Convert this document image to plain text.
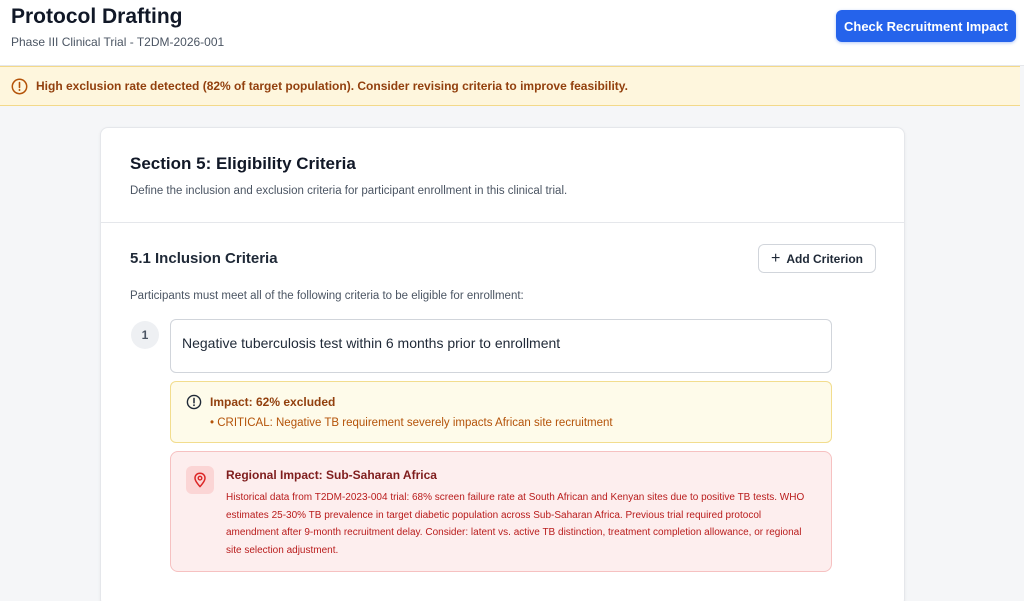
Protocol Drafting
Phase III Clinical Trial - T2DM-2026-001
Check Recruitment Impact
High exclusion rate detected (82% of target population). Consider revising criteria to improve feasibility.
Section 5: Eligibility Criteria
Define the inclusion and exclusion criteria for participant enrollment in this clinical trial.
5.1 Inclusion Criteria	+ Add Criterion
Participants must meet all of the following criteria to be eligible for enrollment:
1	Negative tuberculosis test within 6 months prior to enrollment
Impact: 62% excluded
• CRITICAL: Negative TB requirement severely impacts African site recruitment
Regional Impact: Sub-Saharan Africa
Historical data from T2DM-2023-004 trial: 68% screen failure rate at South African and Kenyan sites due to positive TB tests. WHO estimates 25-30% TB prevalence in target diabetic population across Sub-Saharan Africa. Previous trial required protocol amendment after 9-month recruitment delay. Consider: latent vs. active TB distinction, treatment completion allowance, or regional site selection adjustment.
